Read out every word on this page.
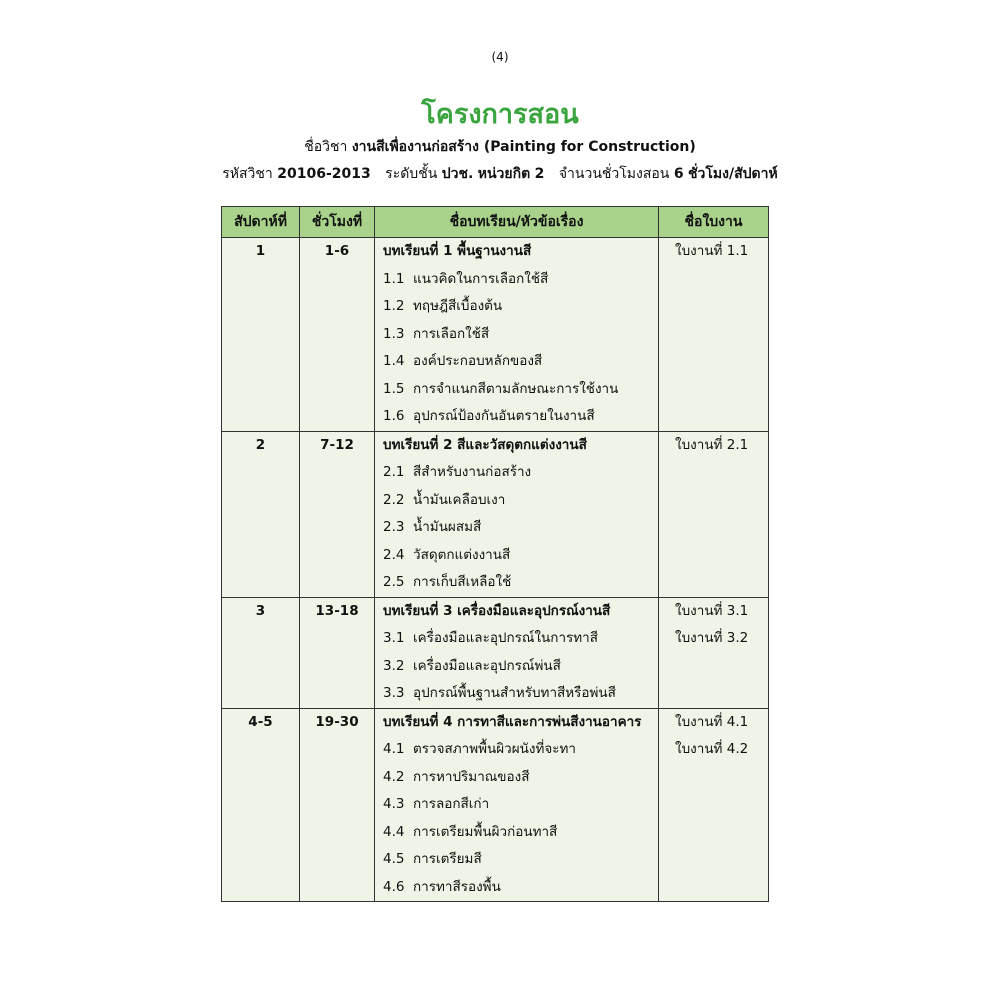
(4)
โครงการสอน
ชื่อวิชา งานสีเพื่องานก่อสร้าง (Painting for Construction)
รหัสวิชา 20106-2013 ระดับชั้น ปวช. หน่วยกิต 2 จำนวนชั่วโมงสอน 6 ชั่วโมง/สัปดาห์
สัปดาห์ที่	ชั่วโมงที่	ชื่อบทเรียน/หัวข้อเรื่อง	ชื่อใบงาน

1	1-6	บทเรียนที่ 1 พื้นฐานงานสี	ใบงานที่ 1.1

		1.1 แนวคิดในการเลือกใช้สี	

		1.2 ทฤษฎีสีเบื้องต้น	

		1.3 การเลือกใช้สี	

		1.4 องค์ประกอบหลักของสี	

		1.5 การจำแนกสีตามลักษณะการใช้งาน	

		1.6 อุปกรณ์ป้องกันอันตรายในงานสี	

2	7-12	บทเรียนที่ 2 สีและวัสดุตกแต่งงานสี	ใบงานที่ 2.1

		2.1 สีสำหรับงานก่อสร้าง	

		2.2 น้ำมันเคลือบเงา	

		2.3 น้ำมันผสมสี	

		2.4 วัสดุตกแต่งงานสี	

		2.5 การเก็บสีเหลือใช้	

3	13-18	บทเรียนที่ 3 เครื่องมือและอุปกรณ์งานสี	ใบงานที่ 3.1

		3.1 เครื่องมือและอุปกรณ์ในการทาสี	ใบงานที่ 3.2

		3.2 เครื่องมือและอุปกรณ์พ่นสี	

		3.3 อุปกรณ์พื้นฐานสำหรับทาสีหรือพ่นสี	

4-5	19-30	บทเรียนที่ 4 การทาสีและการพ่นสีงานอาคาร	ใบงานที่ 4.1

		4.1 ตรวจสภาพพื้นผิวผนังที่จะทา	ใบงานที่ 4.2

		4.2 การหาปริมาณของสี	

		4.3 การลอกสีเก่า	

		4.4 การเตรียมพื้นผิวก่อนทาสี	

		4.5 การเตรียมสี	

		4.6 การทาสีรองพื้น	
